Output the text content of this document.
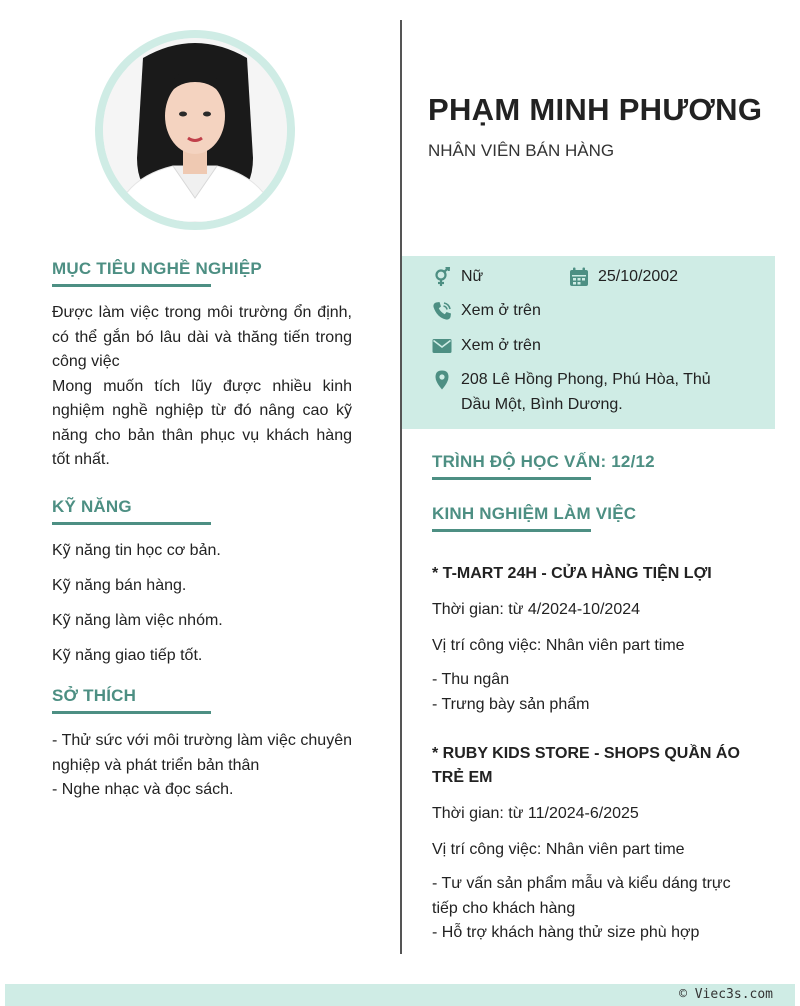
PHẠM MINH PHƯƠNG
NHÂN VIÊN BÁN HÀNG
Nữ	25/10/2002
Xem ở trên
Xem ở trên
208 Lê Hồng Phong, Phú Hòa, Thủ Dầu Một, Bình Dương.
MỤC TIÊU NGHỀ NGHIỆP

Được làm việc trong môi trường ổn định, có thể gắn bó lâu dài và thăng tiến trong công việc

Mong muốn tích lũy được nhiều kinh nghiệm nghề nghiệp từ đó nâng cao kỹ năng cho bản thân phục vụ khách hàng tốt nhất.

KỸ NĂNG

Kỹ năng tin học cơ bản.

Kỹ năng bán hàng.

Kỹ năng làm việc nhóm.

Kỹ năng giao tiếp tốt.

SỞ THÍCH

- Thử sức với môi trường làm việc chuyên nghiệp và phát triển bản thân

- Nghe nhạc và đọc sách.

TRÌNH ĐỘ HỌC VẤN: 12/12
KINH NGHIỆM LÀM VIỆC

* T-MART 24H - CỬA HÀNG TIỆN LỢI

Thời gian: từ 4/2024-10/2024

Vị trí công việc: Nhân viên part time

- Thu ngân

- Trưng bày sản phẩm

* RUBY KIDS STORE - SHOPS QUẦN ÁO TRẺ EM

Thời gian: từ 11/2024-6/2025

Vị trí công việc: Nhân viên part time

- Tư vấn sản phẩm mẫu và kiểu dáng trực tiếp cho khách hàng

- Hỗ trợ khách hàng thử size phù hợp

© Viec3s.com
